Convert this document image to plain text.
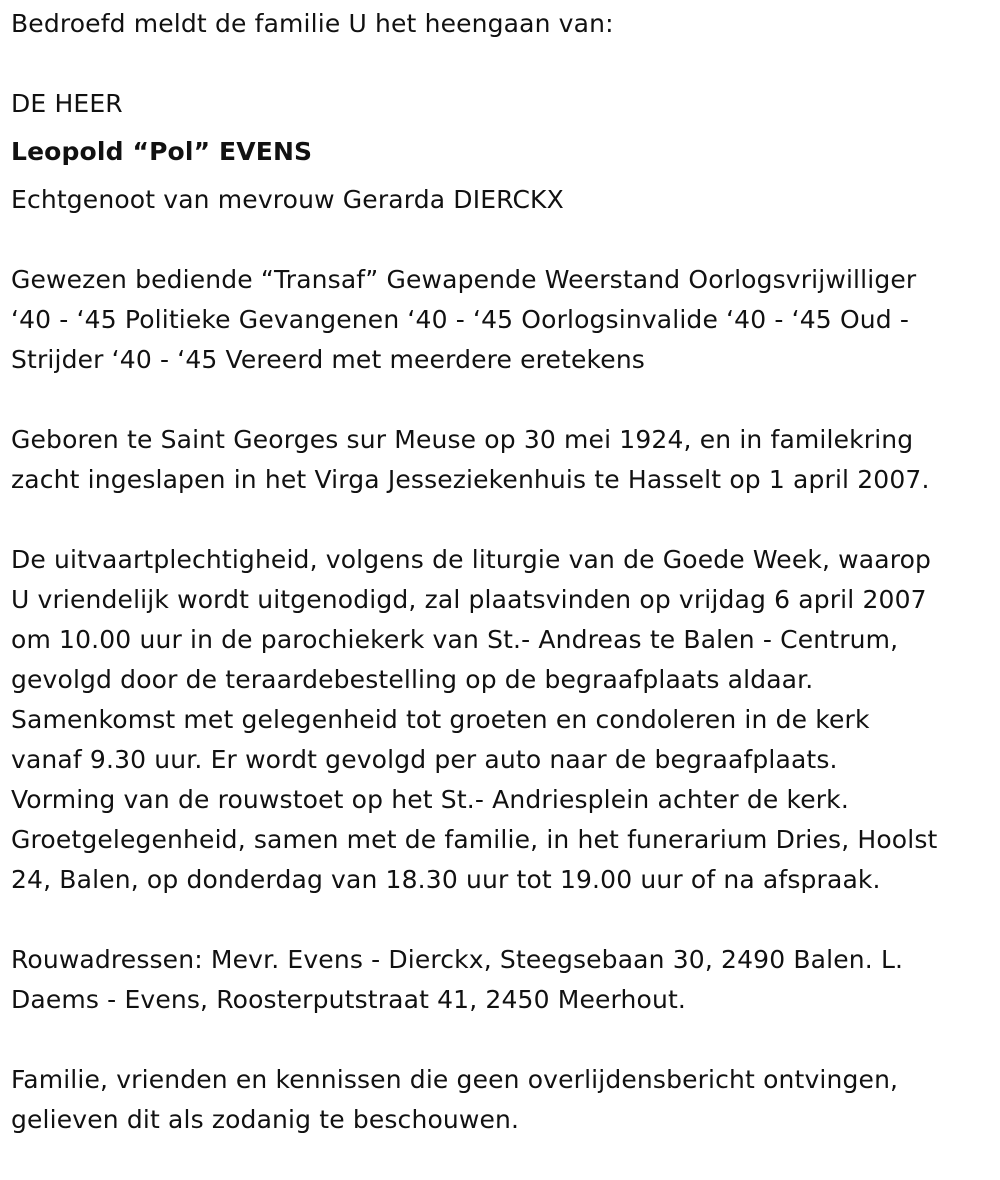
Bedroefd meldt de familie U het heengaan van:

DE HEER

Leopold “Pol” EVENS

Echtgenoot van mevrouw Gerarda DIERCKX

Gewezen bediende “Transaf” Gewapende Weerstand Oorlogsvrijwilliger

‘40 - ‘45 Politieke Gevangenen ‘40 - ‘45 Oorlogsinvalide ‘40 - ‘45 Oud -

Strijder ‘40 - ‘45 Vereerd met meerdere eretekens

Geboren te Saint Georges sur Meuse op 30 mei 1924, en in familekring

zacht ingeslapen in het Virga Jesseziekenhuis te Hasselt op 1 april 2007.

De uitvaartplechtigheid, volgens de liturgie van de Goede Week, waarop

U vriendelijk wordt uitgenodigd, zal plaatsvinden op vrijdag 6 april 2007

om 10.00 uur in de parochiekerk van St.- Andreas te Balen - Centrum,

gevolgd door de teraardebestelling op de begraafplaats aldaar.

Samenkomst met gelegenheid tot groeten en condoleren in de kerk

vanaf 9.30 uur. Er wordt gevolgd per auto naar de begraafplaats.

Vorming van de rouwstoet op het St.- Andriesplein achter de kerk.

Groetgelegenheid, samen met de familie, in het funerarium Dries, Hoolst

24, Balen, op donderdag van 18.30 uur tot 19.00 uur of na afspraak.

Rouwadressen: Mevr. Evens - Dierckx, Steegsebaan 30, 2490 Balen. L.

Daems - Evens, Roosterputstraat 41, 2450 Meerhout.

Familie, vrienden en kennissen die geen overlijdensbericht ontvingen,

gelieven dit als zodanig te beschouwen.
